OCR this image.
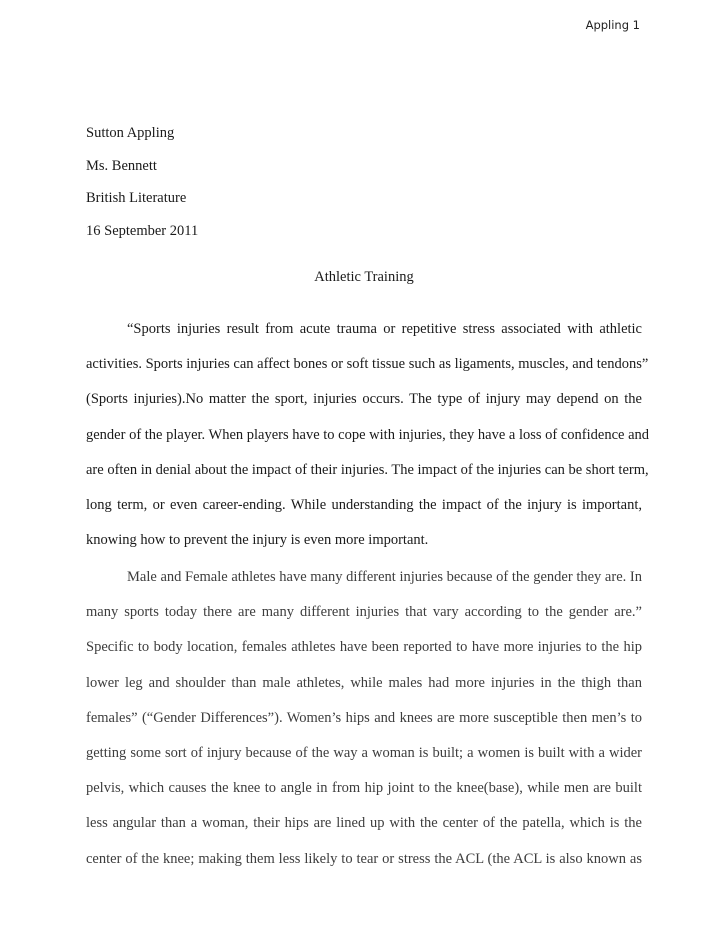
Appling 1
Sutton Appling
Ms. Bennett
British Literature
16 September 2011
Athletic Training
“Sports injuries result from acute trauma or repetitive stress associated with athletic
activities. Sports injuries can affect bones or soft tissue such as ligaments, muscles, and tendons”
(Sports injuries).No matter the sport, injuries occurs. The type of injury may depend on the
gender of the player. When players have to cope with injuries, they have a loss of confidence and
are often in denial about the impact of their injuries. The impact of the injuries can be short term,
long term, or even career-ending. While understanding the impact of the injury is important,
knowing how to prevent the injury is even more important.
Male and Female athletes have many different injuries because of the gender they are. In
many sports today there are many different injuries that vary according to the gender are.”
Specific to body location, females athletes have been reported to have more injuries to the hip
lower leg and shoulder than male athletes, while males had more injuries in the thigh than
females” (“Gender Differences”). Women’s hips and knees are more susceptible then men’s to
getting some sort of injury because of the way a woman is built; a women is built with a wider
pelvis, which causes the knee to angle in from hip joint to the knee(base), while men are built
less angular than a woman, their hips are lined up with the center of the patella, which is the
center of the knee; making them less likely to tear or stress the ACL (the ACL is also known as
